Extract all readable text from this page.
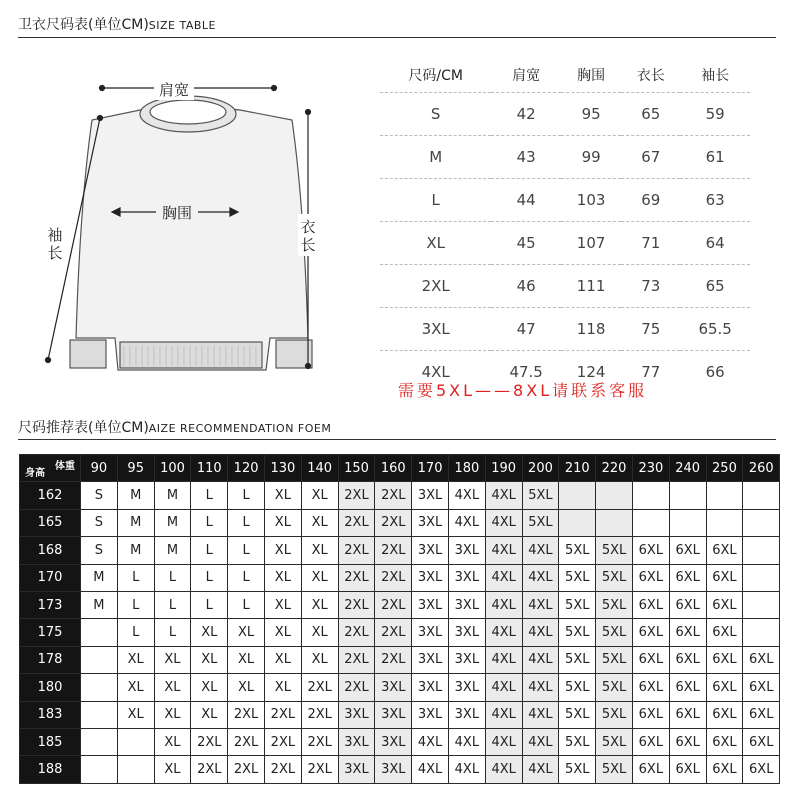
卫衣尺码表(单位CM)SIZE TABLE
肩宽
胸围
衣长
袖长
尺码/CM	肩宽	胸围	衣长	袖长
S	42	95	65	59
M	43	99	67	61
L	44	103	69	63
XL	45	107	71	64
2XL	46	111	73	65
3XL	47	118	75	65.5
4XL	47.5	124	77	66
需要5XL——8XL请联系客服
尺码推荐表(单位CM)AIZE RECOMMENDATION FOEM
体重
身高	90	95	100	110	120	130	140	150	160	170	180	190	200	210	220	230	240	250	260
162	S	M	M	L	L	XL	XL	2XL	2XL	3XL	4XL	4XL	5XL						
165	S	M	M	L	L	XL	XL	2XL	2XL	3XL	4XL	4XL	5XL						
168	S	M	M	L	L	XL	XL	2XL	2XL	3XL	3XL	4XL	4XL	5XL	5XL	6XL	6XL	6XL	
170	M	L	L	L	L	XL	XL	2XL	2XL	3XL	3XL	4XL	4XL	5XL	5XL	6XL	6XL	6XL	
173	M	L	L	L	L	XL	XL	2XL	2XL	3XL	3XL	4XL	4XL	5XL	5XL	6XL	6XL	6XL	
175		L	L	XL	XL	XL	XL	2XL	2XL	3XL	3XL	4XL	4XL	5XL	5XL	6XL	6XL	6XL	
178		XL	XL	XL	XL	XL	XL	2XL	2XL	3XL	3XL	4XL	4XL	5XL	5XL	6XL	6XL	6XL	6XL
180		XL	XL	XL	XL	XL	2XL	2XL	3XL	3XL	3XL	4XL	4XL	5XL	5XL	6XL	6XL	6XL	6XL
183		XL	XL	XL	2XL	2XL	2XL	3XL	3XL	3XL	3XL	4XL	4XL	5XL	5XL	6XL	6XL	6XL	6XL
185			XL	2XL	2XL	2XL	2XL	3XL	3XL	4XL	4XL	4XL	4XL	5XL	5XL	6XL	6XL	6XL	6XL
188			XL	2XL	2XL	2XL	2XL	3XL	3XL	4XL	4XL	4XL	4XL	5XL	5XL	6XL	6XL	6XL	6XL
